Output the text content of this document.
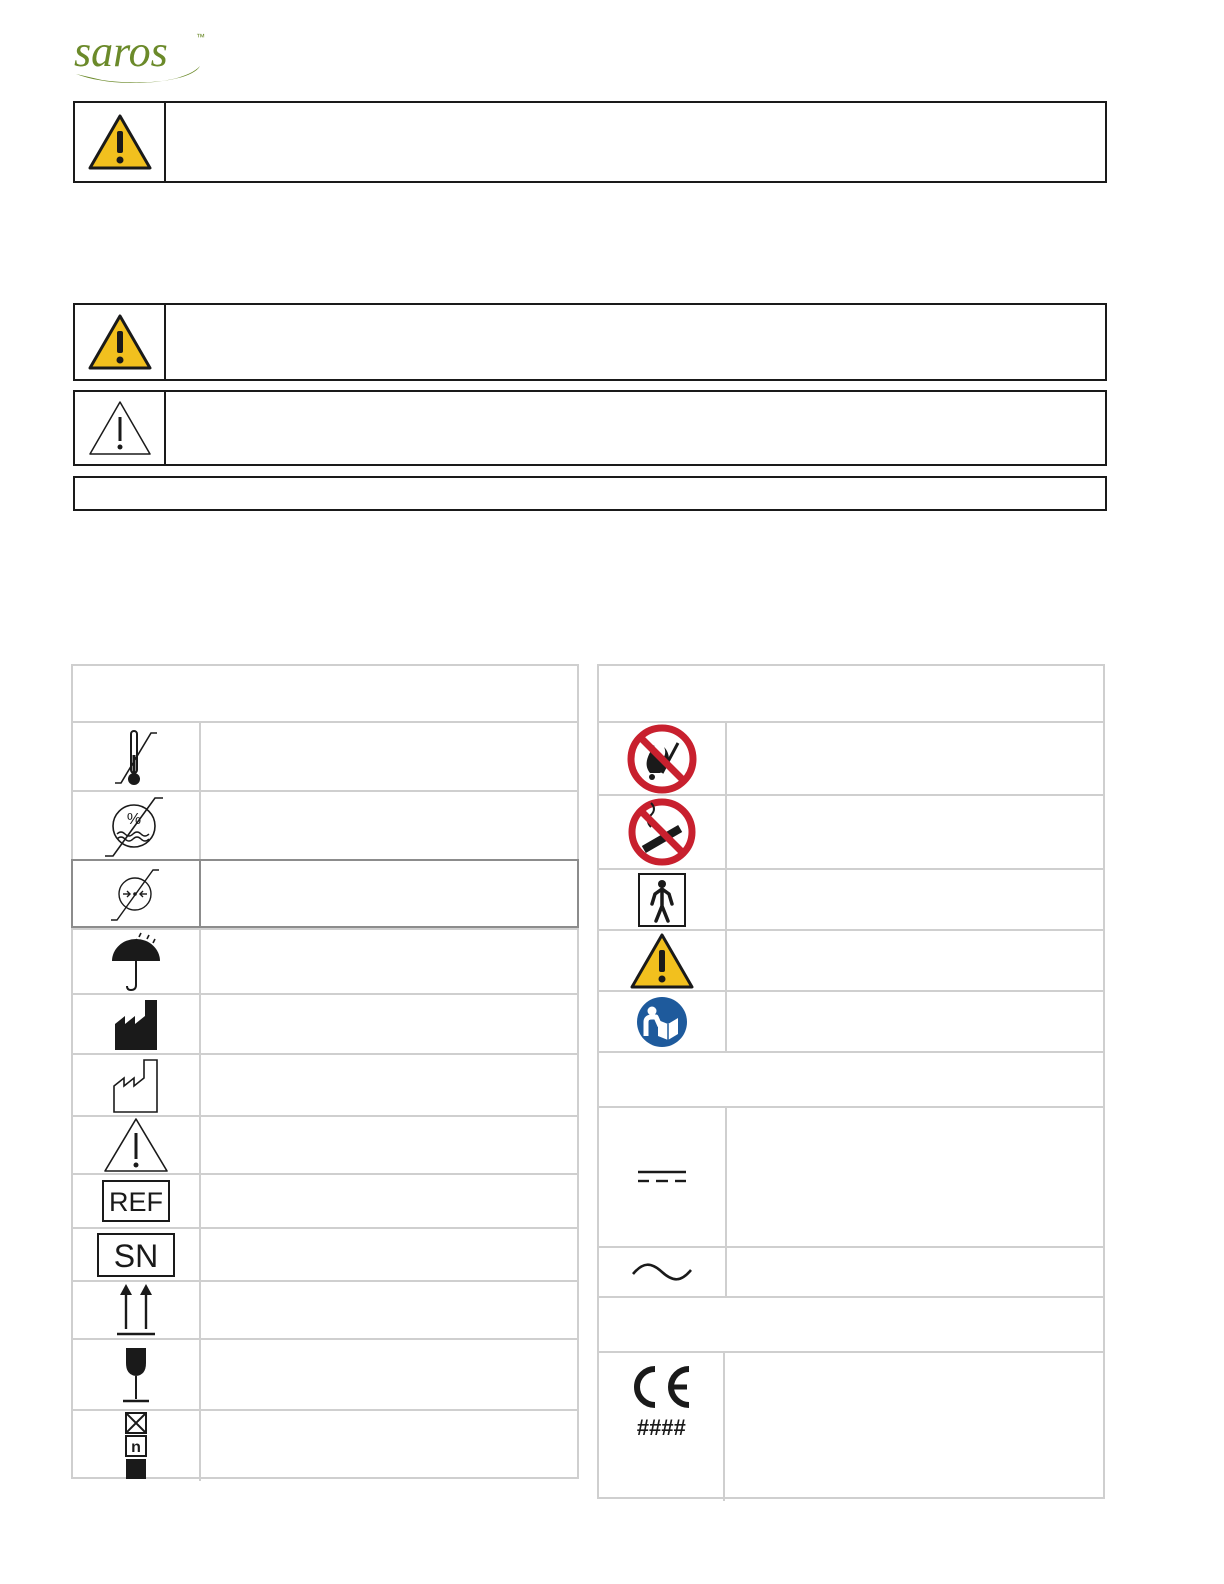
saros	™
%
REF
SN
n
####
